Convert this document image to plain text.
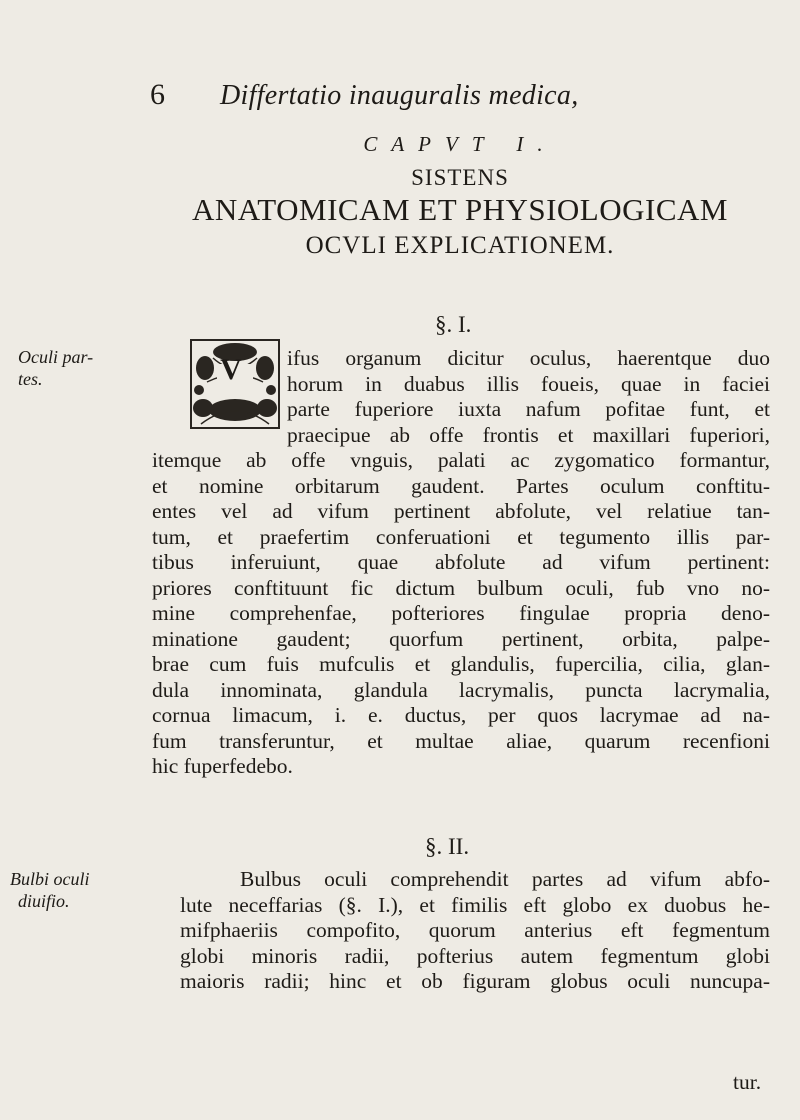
6 Differtatio inauguralis medica,
CAPVT I.
SISTENS
ANATOMICAM ET PHYSIOLOGICAM
OCVLI EXPLICATIONEM.
§. I.
Oculi par-
tes.	V ifus organum dicitur oculus, haerentque duo
horum in duabus illis foueis, quae in faciei
parte fuperiore iuxta nafum pofitae funt, et
praecipue ab offe frontis et maxillari fuperiori,
itemque ab offe vnguis, palati ac zygomatico formantur,
et nomine orbitarum gaudent. Partes oculum conftitu-
entes vel ad vifum pertinent abfolute, vel relatiue tan-
tum, et praefertim conferuationi et tegumento illis par-
tibus inferuiunt, quae abfolute ad vifum pertinent:
priores conftituunt fic dictum bulbum oculi, fub vno no-
mine comprehenfae, pofteriores fingulae propria deno-
minatione gaudent; quorfum pertinent, orbita, palpe-
brae cum fuis mufculis et glandulis, fupercilia, cilia, glan-
dula innominata, glandula lacrymalis, puncta lacrymalia,
cornua limacum, i. e. ductus, per quos lacrymae ad na-
fum transferuntur, et multae aliae, quarum recenfioni
hic fuperfedebo.
§. II.
Bulbi oculi
diuifio.
Bulbus oculi comprehendit partes ad vifum abfo-
lute neceffarias (§. I.), et fimilis eft globo ex duobus he-
mifphaeriis compofito, quorum anterius eft fegmentum
globi minoris radii, pofterius autem fegmentum globi
maioris radii; hinc et ob figuram globus oculi nuncupa-
tur.
